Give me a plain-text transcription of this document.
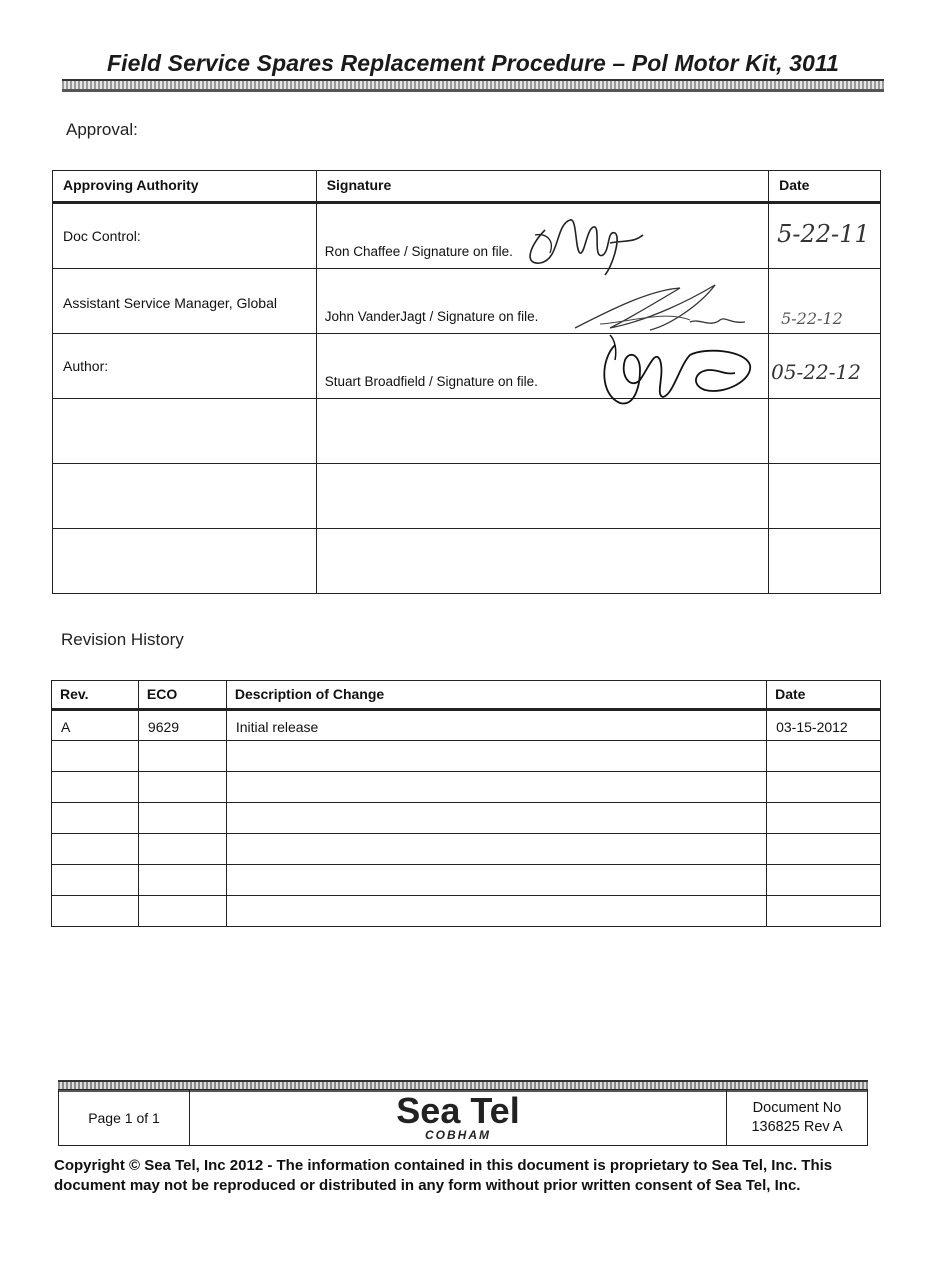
Field Service Spares Replacement Procedure – Pol Motor Kit, 3011
Approval:
Approving Authority	Signature	Date

Doc Control:	Ron Chaffee / Signature on file.	5-22-11

Assistant Service Manager, Global	John VanderJagt / Signature on file.	5-22-12

Author:	Stuart Broadfield / Signature on file.	05-22-12

Revision History
Rev.	ECO	Description of Change	Date
A	9629	Initial release	03-15-2012

Page 1 of 1	Sea Tel
COBHAM

Document No
136825 Rev A
Copyright © Sea Tel, Inc 2012 - The information contained in this document is proprietary to Sea Tel, Inc. This document may not be reproduced or distributed in any form without prior written consent of Sea Tel, Inc.
